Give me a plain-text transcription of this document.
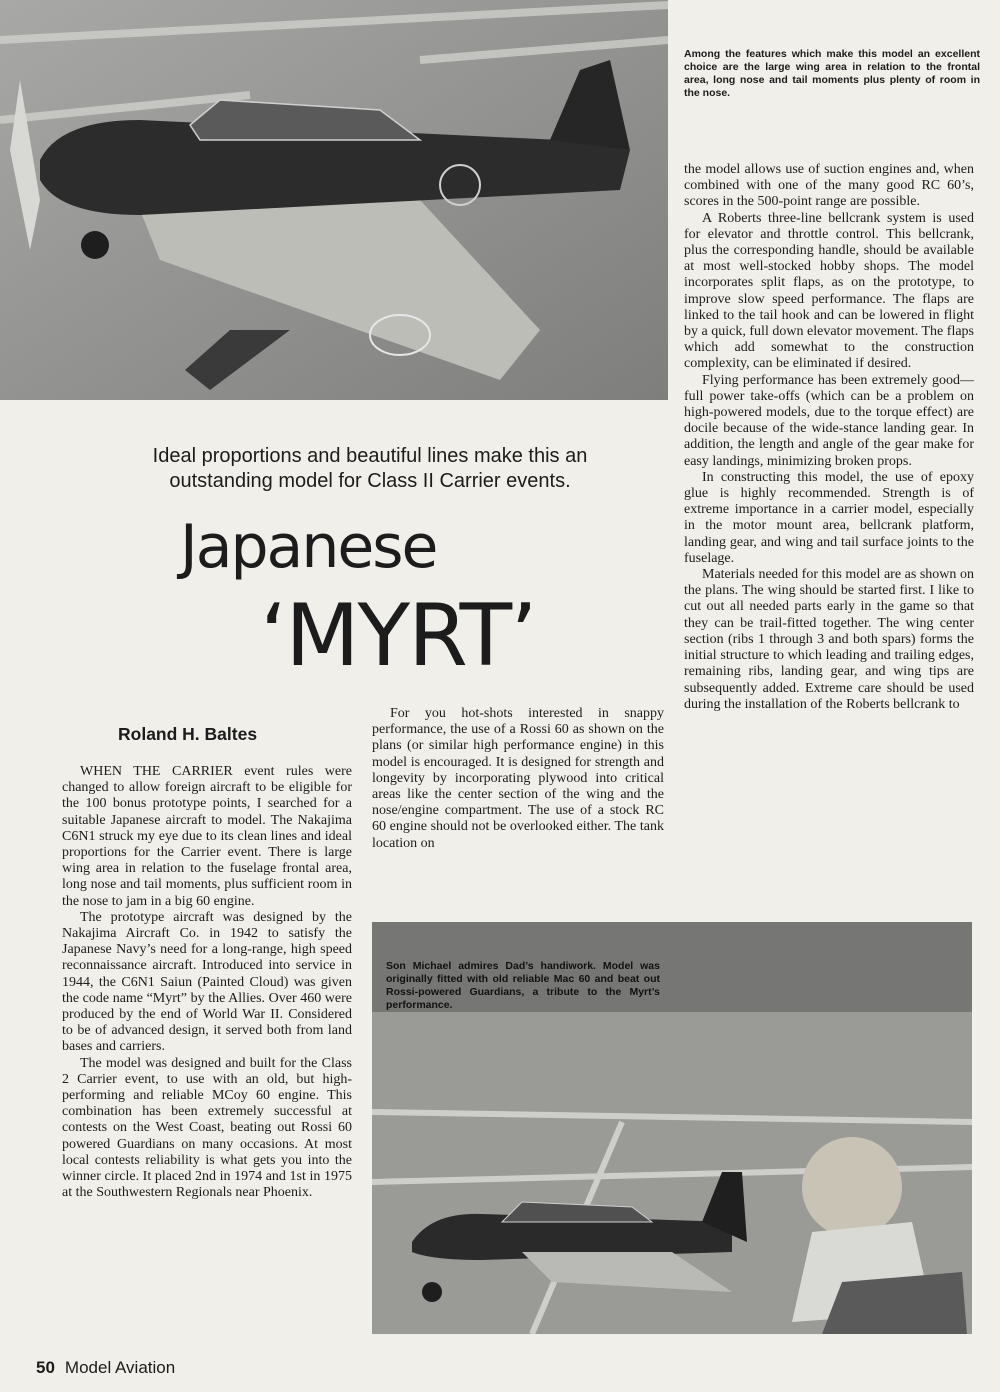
Among the features which make this model an excellent choice are the large wing area in relation to the frontal area, long nose and tail moments plus plenty of room in the nose.
Ideal proportions and beautiful lines make this an outstanding model for Class II Carrier events.
Japanese
‘MYRT’
Roland H. Baltes

WHEN THE CARRIER event rules were changed to allow foreign aircraft to be eligible for the 100 bonus prototype points, I searched for a suitable Japanese aircraft to model. The Nakajima C6N1 struck my eye due to its clean lines and ideal proportions for the Carrier event. There is large wing area in relation to the fuselage frontal area, long nose and tail moments, plus sufficient room in the nose to jam in a big 60 engine.

The prototype aircraft was designed by the Nakajima Aircraft Co. in 1942 to satisfy the Japanese Navy’s need for a long-range, high speed reconnaissance aircraft. Introduced into service in 1944, the C6N1 Saiun (Painted Cloud) was given the code name “Myrt” by the Allies. Over 460 were produced by the end of World War II. Considered to be of advanced design, it served both from land bases and carriers.

The model was designed and built for the Class 2 Carrier event, to use with an old, but high-performing and reliable MCoy 60 engine. This combination has been extremely successful at contests on the West Coast, beating out Rossi 60 powered Guardians on many occasions. At most local contests reliability is what gets you into the winner circle. It placed 2nd in 1974 and 1st in 1975 at the Southwestern Regionals near Phoenix.

For you hot-shots interested in snappy performance, the use of a Rossi 60 as shown on the plans (or similar high performance engine) in this model is encouraged. It is designed for strength and longevity by incorporating plywood into critical areas like the center section of the wing and the nose/engine compartment. The use of a stock RC 60 engine should not be overlooked either. The tank location on

the model allows use of suction engines and, when combined with one of the many good RC 60’s, scores in the 500-point range are possible.

A Roberts three-line bellcrank system is used for elevator and throttle control. This bellcrank, plus the corresponding handle, should be available at most well-stocked hobby shops. The model incorporates split flaps, as on the prototype, to improve slow speed performance. The flaps are linked to the tail hook and can be lowered in flight by a quick, full down elevator movement. The flaps which add somewhat to the construction complexity, can be eliminated if desired.

Flying performance has been extremely good—full power take-offs (which can be a problem on high-powered models, due to the torque effect) are docile because of the wide-stance landing gear. In addition, the length and angle of the gear make for easy landings, minimizing broken props.

In constructing this model, the use of epoxy glue is highly recommended. Strength is of extreme importance in a carrier model, especially in the motor mount area, bellcrank platform, landing gear, and wing and tail surface joints to the fuselage.

Materials needed for this model are as shown on the plans. The wing should be started first. I like to cut out all needed parts early in the game so that they can be trail-fitted together. The wing center section (ribs 1 through 3 and both spars) forms the initial structure to which leading and trailing edges, remaining ribs, landing gear, and wing tips are subsequently added. Extreme care should be used during the installation of the Roberts bellcrank to

Son Michael admires Dad’s handiwork. Model was originally fitted with old reliable Mac 60 and beat out Rossi-powered Guardians, a tribute to the Myrt’s performance.
50 Model Aviation
